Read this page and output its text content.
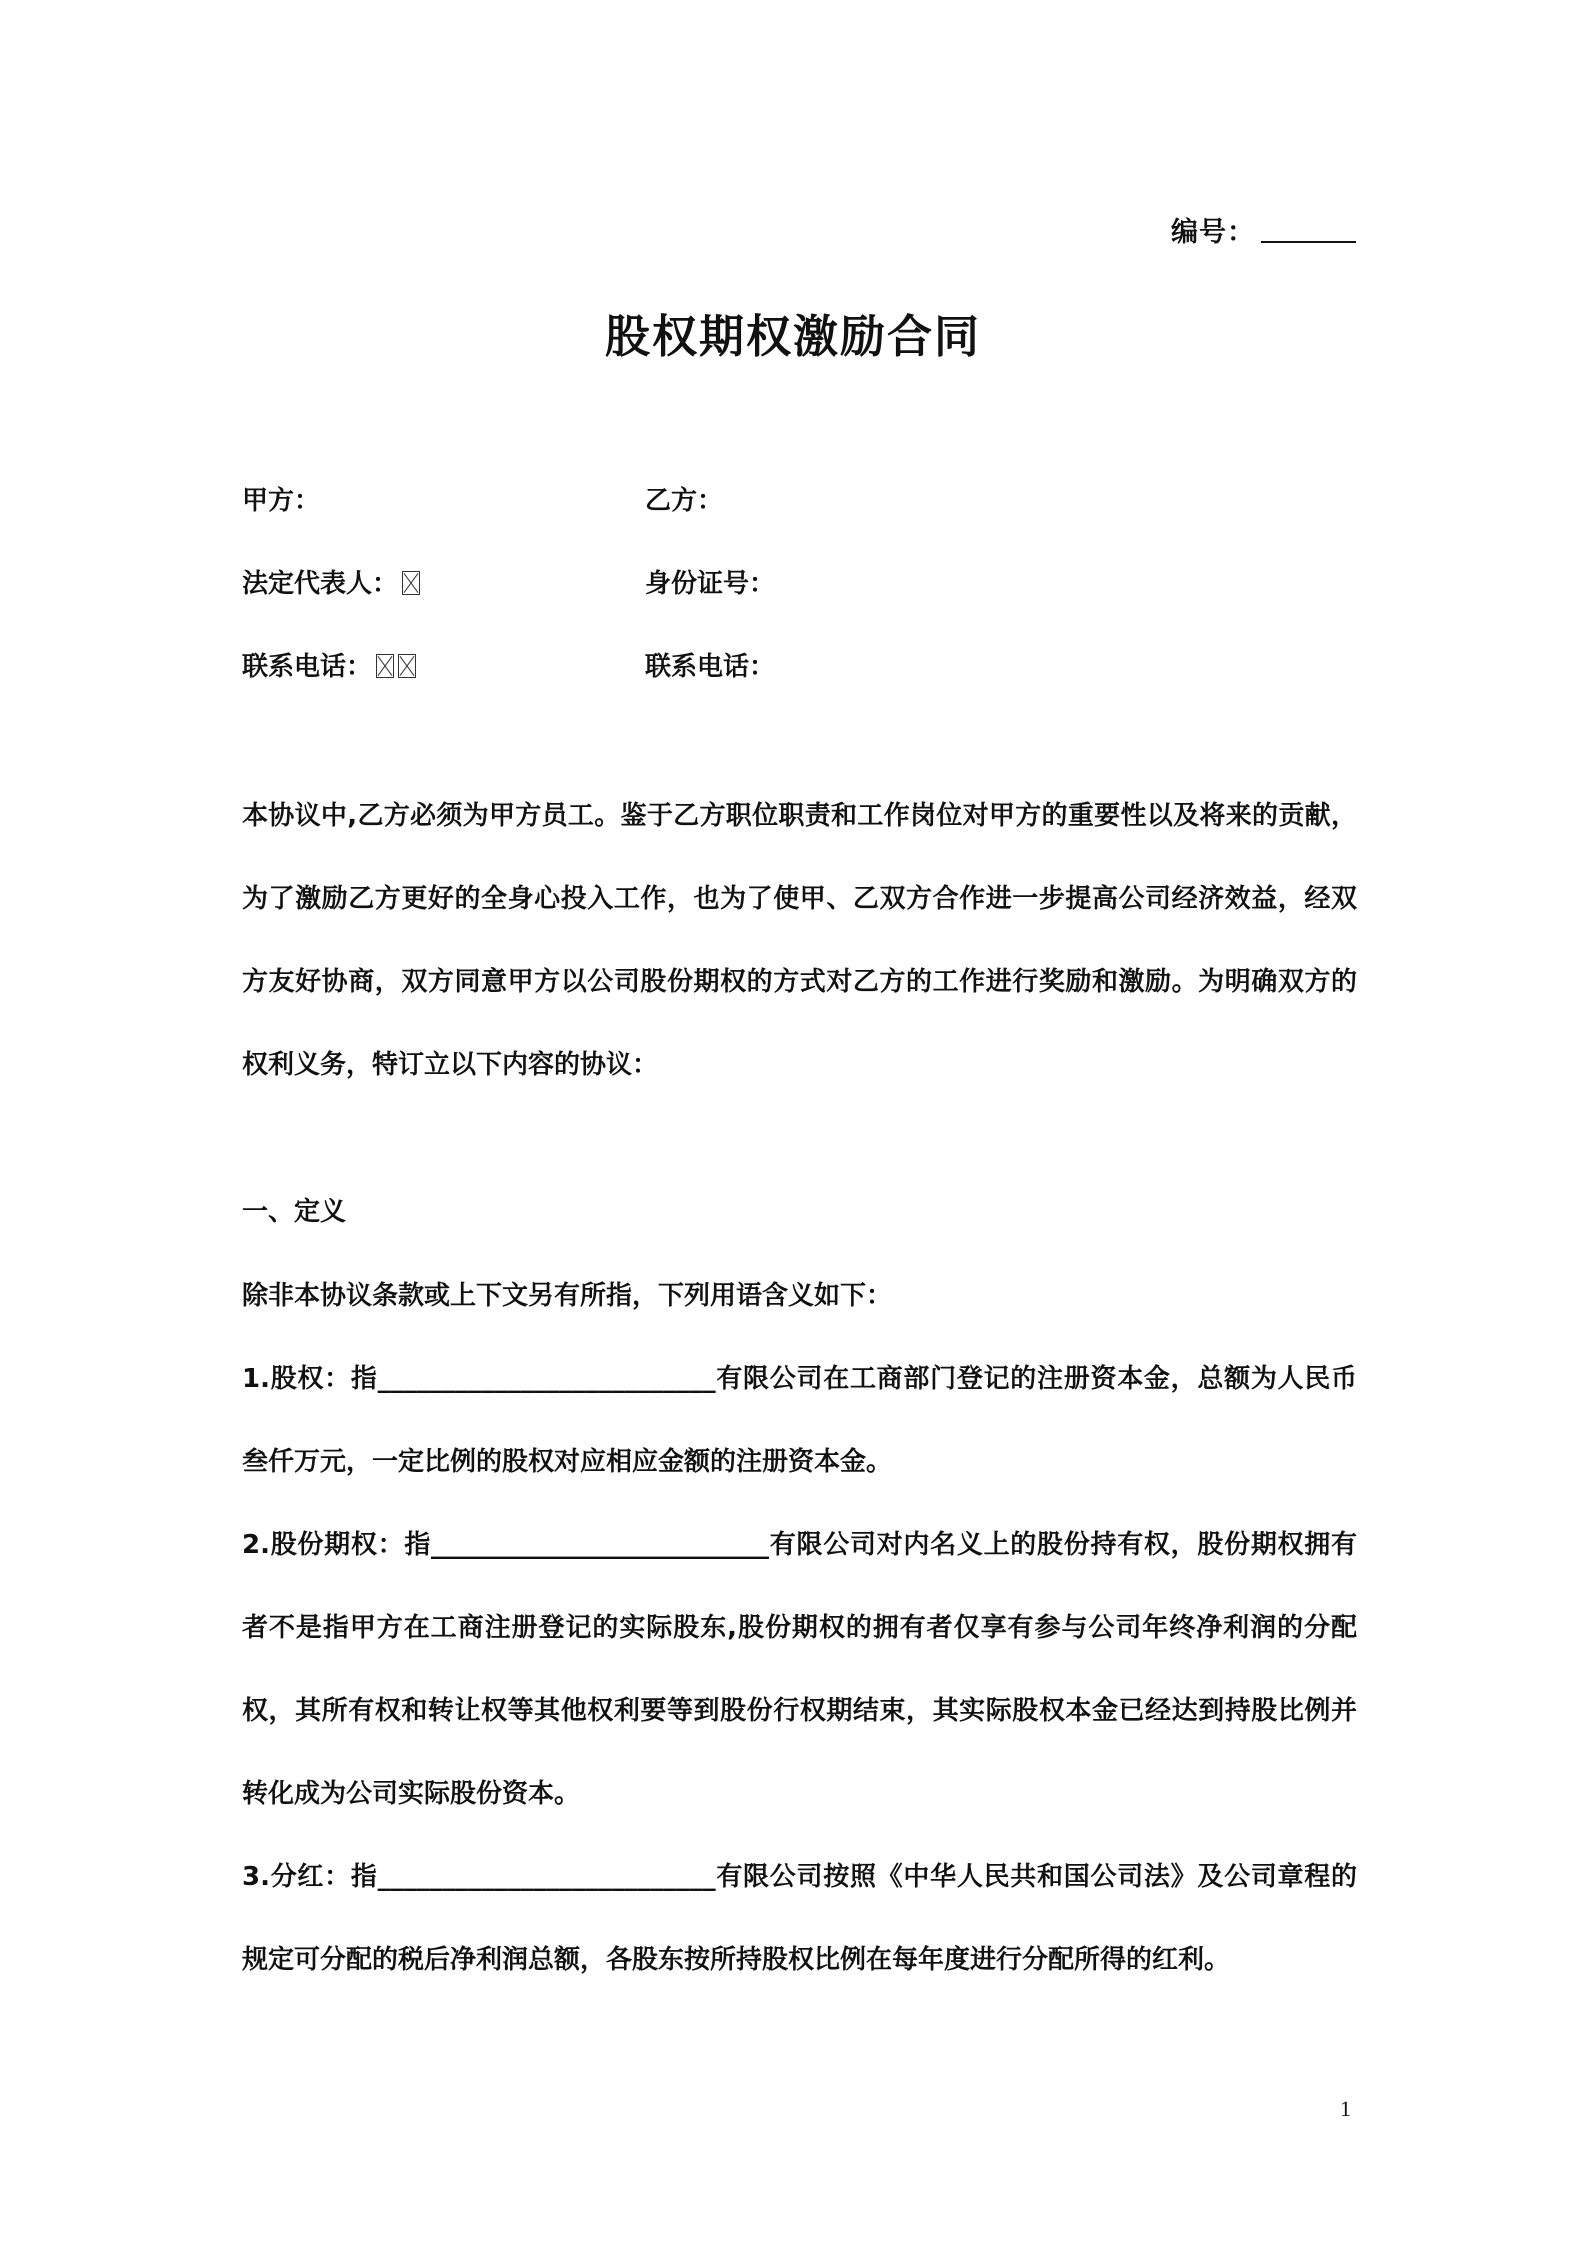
编号：
股权期权激励合同
甲方：	乙方：
法定代表人：	身份证号：
联系电话：	联系电话：
本协议中,乙方必须为甲方员工。鉴于乙方职位职责和工作岗位对甲方的重要性以及将来的贡献，为了激励乙方更好的全身心投入工作，也为了使甲、乙双方合作进一步提高公司经济效益，经双方友好协商，双方同意甲方以公司股份期权的方式对乙方的工作进行奖励和激励。为明确双方的权利义务，特订立以下内容的协议：
一、定义
除非本协议条款或上下文另有所指，下列用语含义如下：
1.股权：指__________________________有限公司在工商部门登记的注册资本金，总额为人民币叁仟万元，一定比例的股权对应相应金额的注册资本金。
2.股份期权：指__________________________有限公司对内名义上的股份持有权，股份期权拥有者不是指甲方在工商注册登记的实际股东,股份期权的拥有者仅享有参与公司年终净利润的分配权，其所有权和转让权等其他权利要等到股份行权期结束，其实际股权本金已经达到持股比例并转化成为公司实际股份资本。
3.分红：指__________________________有限公司按照《中华人民共和国公司法》及公司章程的规定可分配的税后净利润总额，各股东按所持股权比例在每年度进行分配所得的红利。
1
